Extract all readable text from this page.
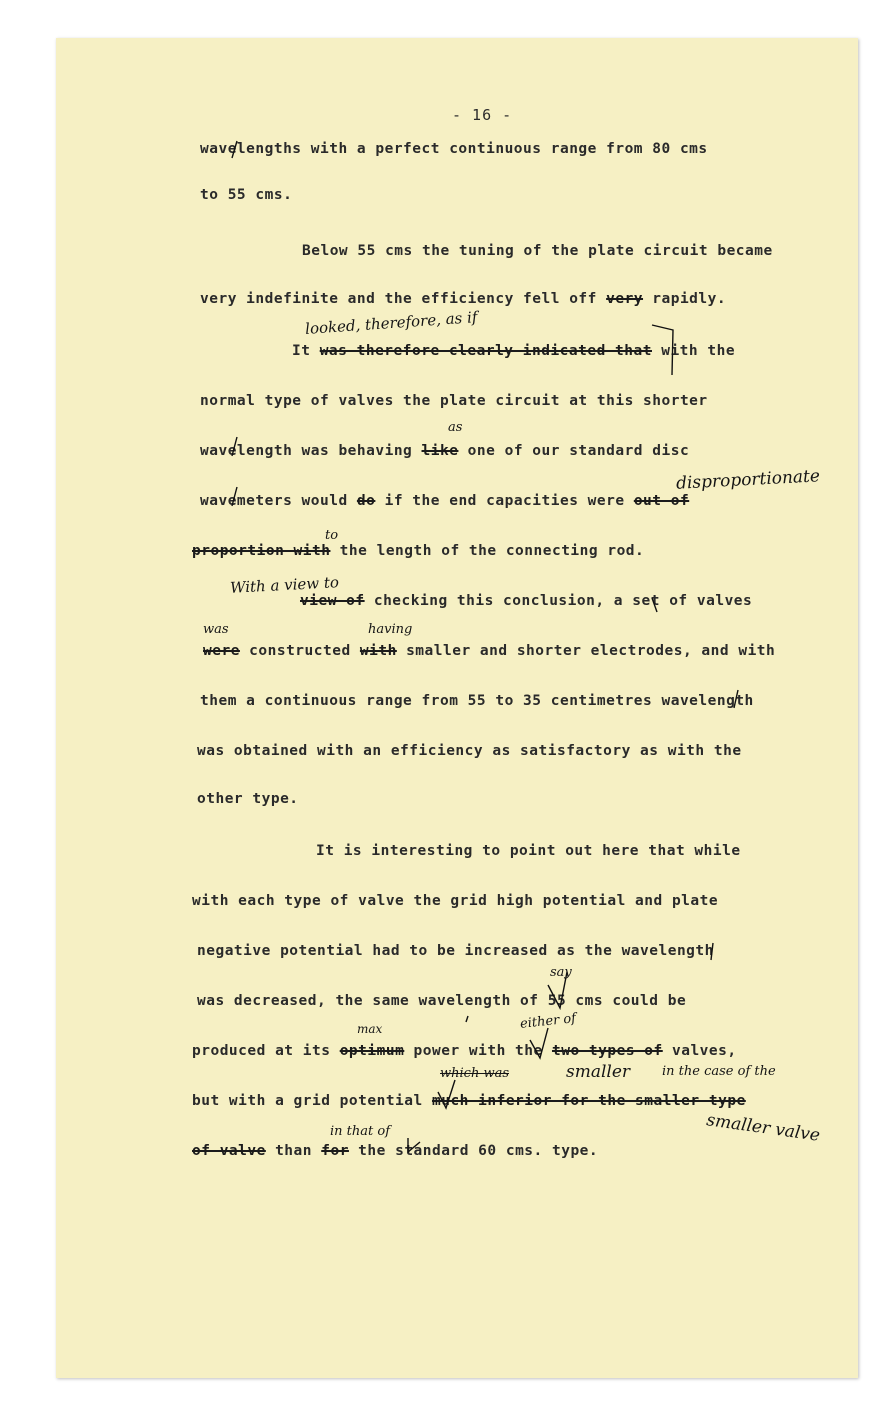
- 16 -
wavelengths with a perfect continuous range from 80 cms
to 55 cms.
Below 55 cms the tuning of the plate circuit became
very indefinite and the efficiency fell off very rapidly.
It was therefore clearly indicated that with the
normal type of valves the plate circuit at this shorter
wavelength was behaving like one of our standard disc
wavemeters would do if the end capacities were out of
proportion with the length of the connecting rod.
view of checking this conclusion, a set of valves
were constructed with smaller and shorter electrodes, and with
them a continuous range from 55 to 35 centimetres wavelength
was obtained with an efficiency as satisfactory as with the
other type.
It is interesting to point out here that while
with each type of valve the grid high potential and plate
negative potential had to be increased as the wavelength
was decreased, the same wavelength of 55 cms could be
produced at its optimum power with the two types of valves,
but with a grid potential much inferior for the smaller type
of valve than for the standard 60 cms. type.
looked, therefore, as if
as
disproportionate
to
With a view to
was	having
say
max	either of
smaller in the case of the
smaller valve
in that of
which was
